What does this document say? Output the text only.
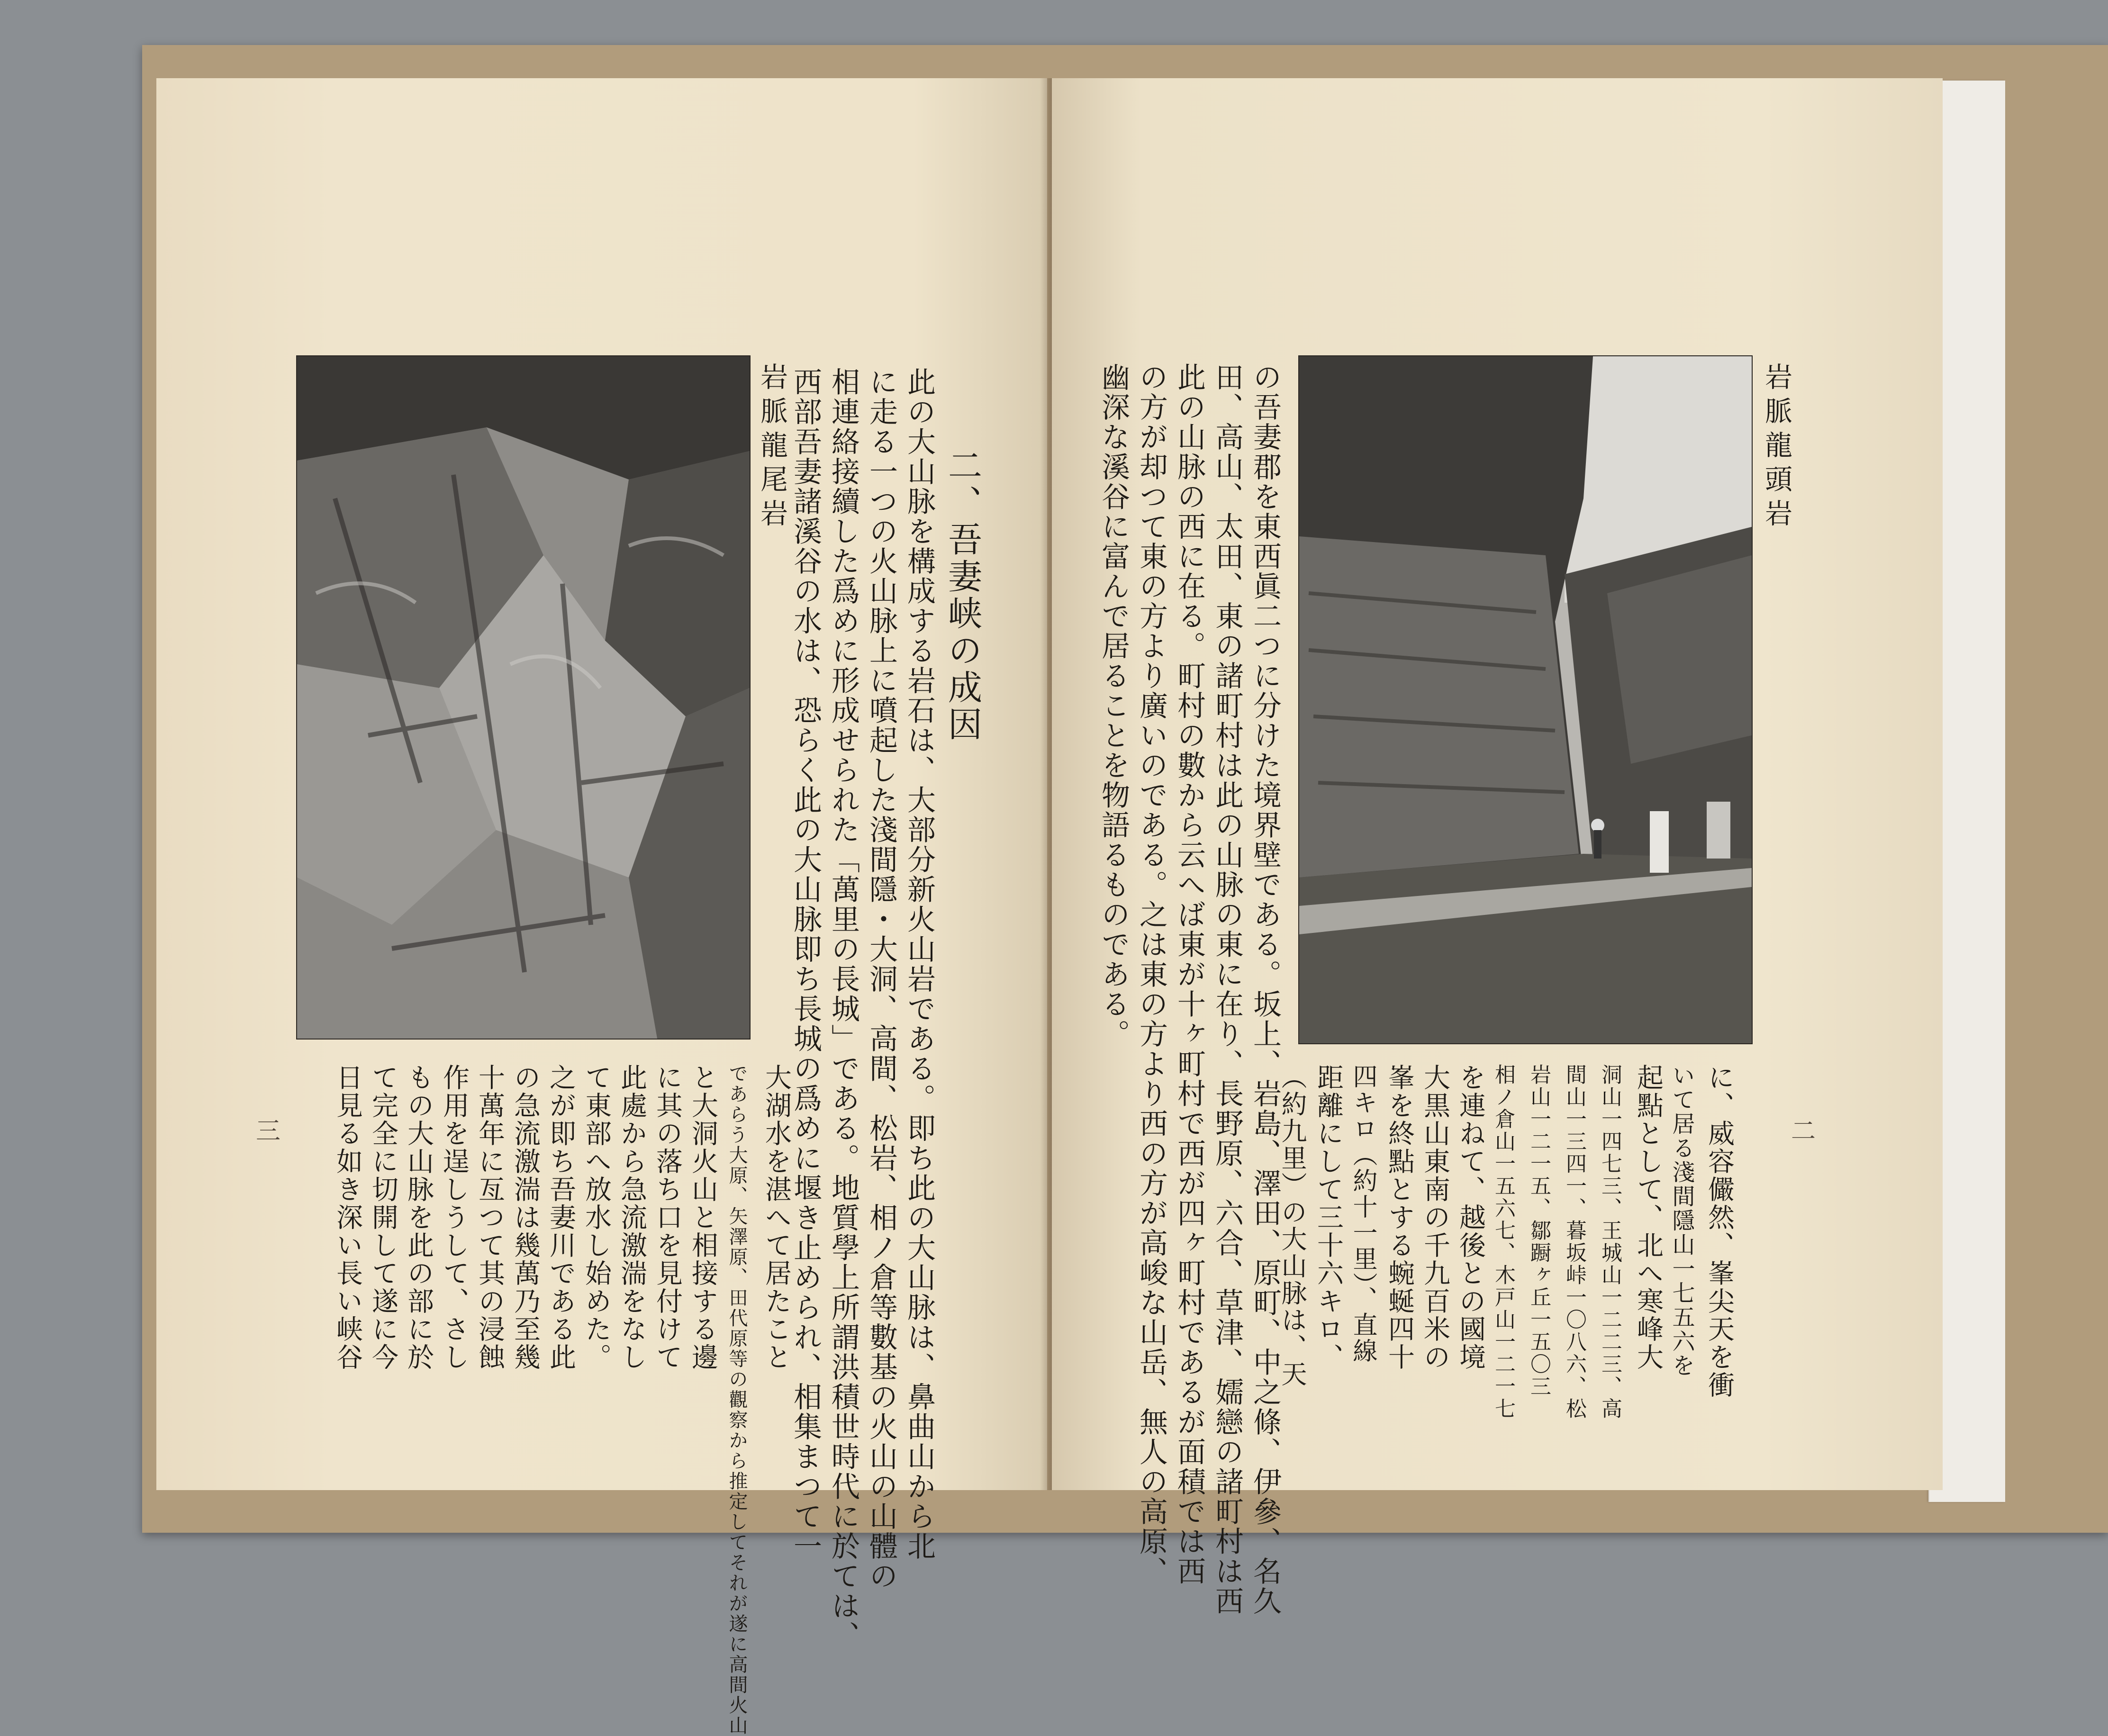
岩脈龍尾岩	二、吾妻峡の成因
此の大山脉を構成する岩石は、大部分新火山岩である。即ち此の大山脉は、鼻曲山から北
に走る一つの火山脉上に噴起した淺間隱・大洞、高間、松岩、相ノ倉等數基の火山の山體の
相連絡接續した爲めに形成せられた「萬里の長城」である。地質學上所謂洪積世時代に於ては、
西部吾妻諸溪谷の水は、恐らく此の大山脉即ち長城の爲めに堰き止められ、相集まつて一
大湖水を湛へて居たこと
であらう大原、矢澤原、田代原等の觀察から推定してそれが遂に高間火山
と大洞火山と相接する邊
に其の落ち口を見付けて
此處から急流激湍をなし
て東部へ放水し始めた。
之が即ち吾妻川である此
の急流激湍は幾萬乃至幾
十萬年に亙つて其の浸蝕
作用を逞しうして、さし
もの大山脉を此の部に於
て完全に切開して遂に今
日見る如き深い長い峡谷
三
岩脈龍頭岩
の吾妻郡を東西眞二つに分けた境界壁である。坂上、岩島、澤田、原町、中之條、伊參、名久
田、高山、太田、東の諸町村は此の山脉の東に在り、長野原、六合、草津、嬬戀の諸町村は西
此の山脉の西に在る。町村の數から云へば東が十ヶ町村で西が四ヶ町村であるが面積では西
の方が却つて東の方より廣いのである。之は東の方より西の方が高峻な山岳、無人の高原、
幽深な溪谷に富んで居ることを物語るものである。
に、威容儼然、峯尖天を衝
いて居る淺間隱山一七五六を
起點として、北へ寒峰大
洞山一四七三、王城山一二二三、高
間山一三四一、暮坂峠一〇八六、松
岩山一二一五、鄒蹰ヶ丘一五〇三
相ノ倉山一五六七、木戸山一二一七
を連ねて、越後との國境
大黒山東南の千九百米の
峯を終點とする蜿蜒四十
四キロ（約十一里）、直線
距離にして三十六キロ、
（約九里）の大山脉は、天	二
